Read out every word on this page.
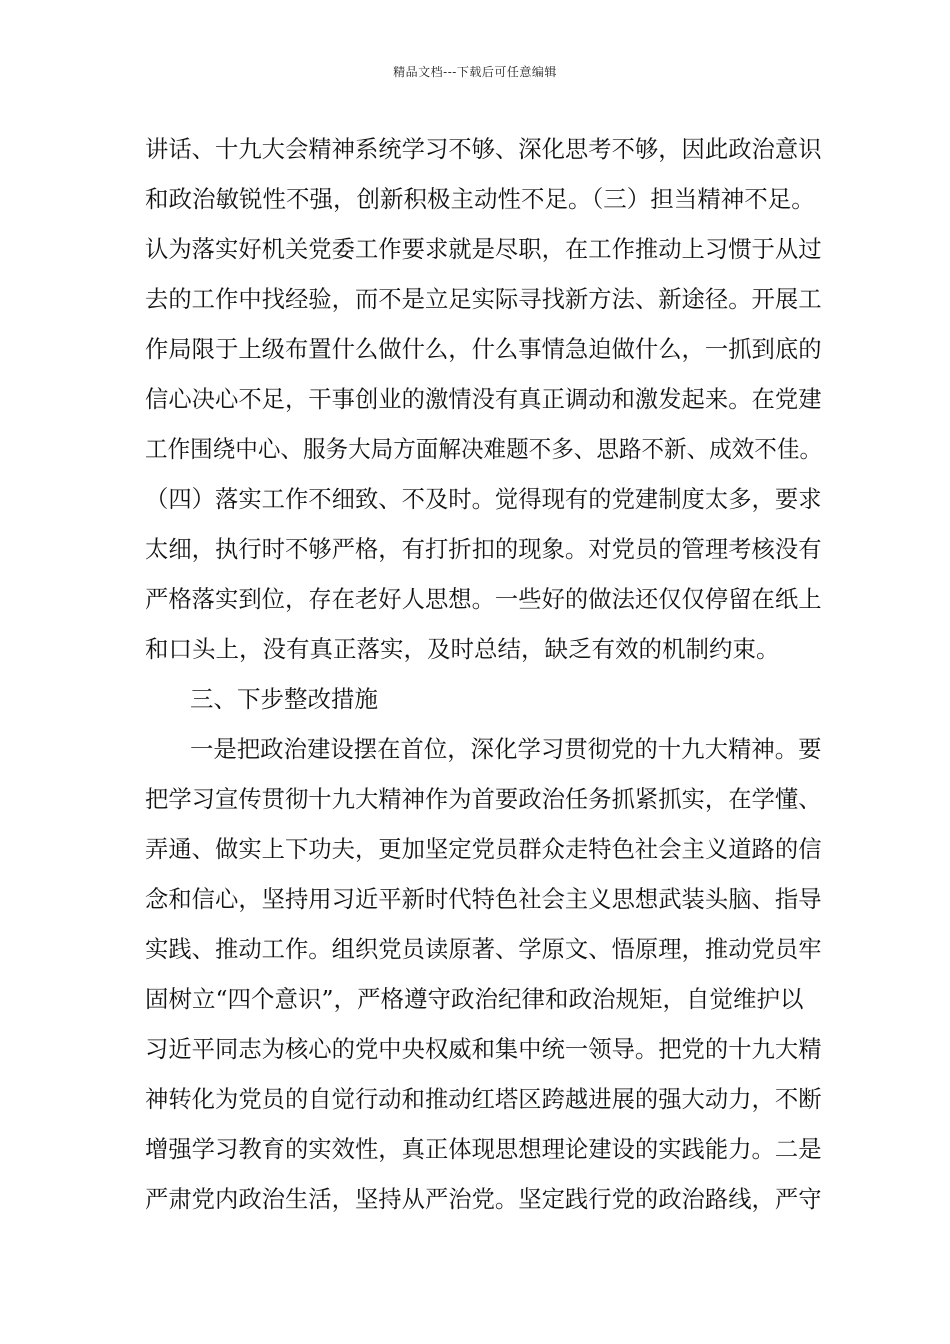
精品文档---下载后可任意编辑
讲话、十九大会精神系统学习不够、深化思考不够，因此政治意识
和政治敏锐性不强，创新积极主动性不足。（三）担当精神不足。
认为落实好机关党委工作要求就是尽职，在工作推动上习惯于从过
去的工作中找经验，而不是立足实际寻找新方法、新途径。开展工
作局限于上级布置什么做什么，什么事情急迫做什么，一抓到底的
信心决心不足，干事创业的激情没有真正调动和激发起来。在党建
工作围绕中心、服务大局方面解决难题不多、思路不新、成效不佳。
（四）落实工作不细致、不及时。觉得现有的党建制度太多，要求
太细，执行时不够严格，有打折扣的现象。对党员的管理考核没有
严格落实到位，存在老好人思想。一些好的做法还仅仅停留在纸上
和口头上，没有真正落实，及时总结，缺乏有效的机制约束。
三、下步整改措施
一是把政治建设摆在首位，深化学习贯彻党的十九大精神。要
把学习宣传贯彻十九大精神作为首要政治任务抓紧抓实，在学懂、
弄通、做实上下功夫，更加坚定党员群众走特色社会主义道路的信
念和信心，坚持用习近平新时代特色社会主义思想武装头脑、指导
实践、推动工作。组织党员读原著、学原文、悟原理，推动党员牢
固树立“四个意识”，严格遵守政治纪律和政治规矩，自觉维护以
习近平同志为核心的党中央权威和集中统一领导。把党的十九大精
神转化为党员的自觉行动和推动红塔区跨越进展的强大动力，不断
增强学习教育的实效性，真正体现思想理论建设的实践能力。二是
严肃党内政治生活，坚持从严治党。坚定践行党的政治路线，严守
